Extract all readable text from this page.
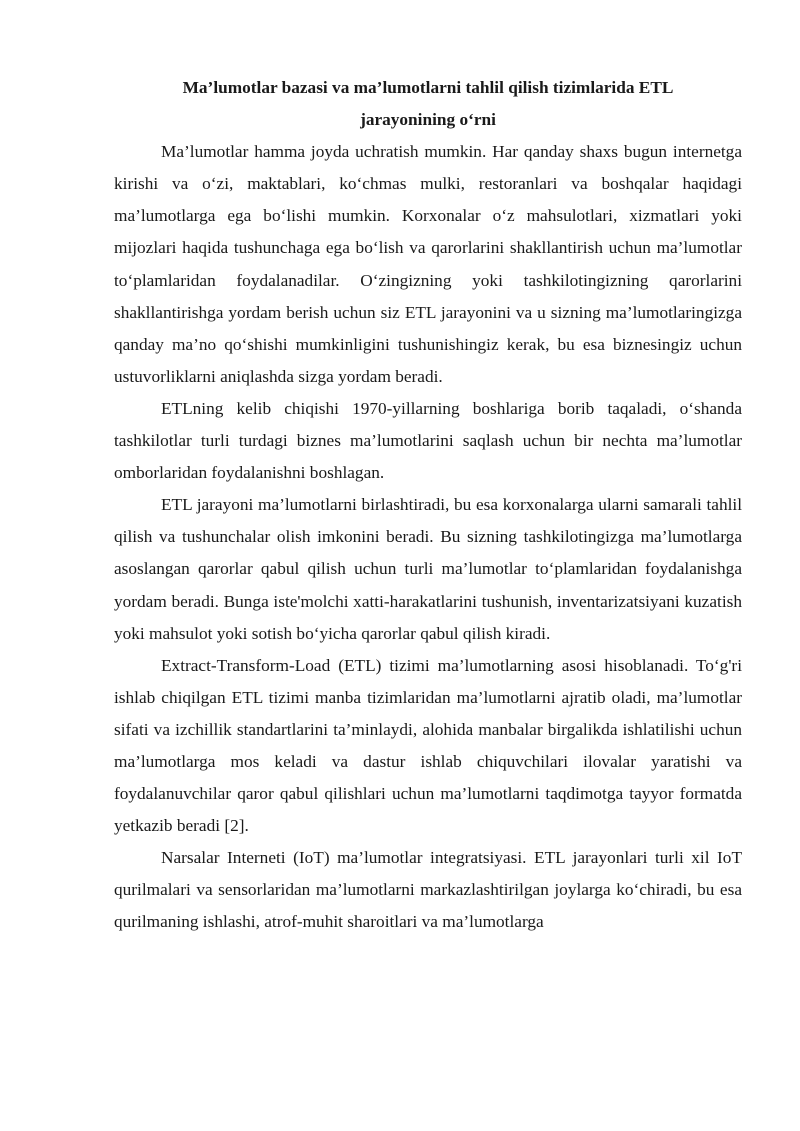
Ma’lumotlar bazasi va ma’lumotlarni tahlil qilish tizimlarida ETL
jarayonining o‘rni

Ma’lumotlar hamma joyda uchratish mumkin. Har qanday shaxs bugun internetga kirishi va o‘zi, maktablari, ko‘chmas mulki, restoranlari va boshqalar haqidagi ma’lumotlarga ega bo‘lishi mumkin. Korxonalar o‘z mahsulotlari, xizmatlari yoki mijozlari haqida tushunchaga ega bo‘lish va qarorlarini shakllantirish uchun ma’lumotlar to‘plamlaridan foydalanadilar. O‘zingizning yoki tashkilotingizning qarorlarini shakllantirishga yordam berish uchun siz ETL jarayonini va u sizning ma’lumotlaringizga qanday ma’no qo‘shishi mumkinligini tushunishingiz kerak, bu esa biznesingiz uchun ustuvorliklarni aniqlashda sizga yordam beradi.

ETLning kelib chiqishi 1970-yillarning boshlariga borib taqaladi, o‘shanda tashkilotlar turli turdagi biznes ma’lumotlarini saqlash uchun bir nechta ma’lumotlar omborlaridan foydalanishni boshlagan.

ETL jarayoni ma’lumotlarni birlashtiradi, bu esa korxonalarga ularni samarali tahlil qilish va tushunchalar olish imkonini beradi. Bu sizning tashkilotingizga ma’lumotlarga asoslangan qarorlar qabul qilish uchun turli ma’lumotlar to‘plamlaridan foydalanishga yordam beradi. Bunga iste'molchi xatti-harakatlarini tushunish, inventarizatsiyani kuzatish yoki mahsulot yoki sotish bo‘yicha qarorlar qabul qilish kiradi.

Extract-Transform-Load (ETL) tizimi ma’lumotlarning asosi hisoblanadi. To‘g'ri ishlab chiqilgan ETL tizimi manba tizimlaridan ma’lumotlarni ajratib oladi, ma’lumotlar sifati va izchillik standartlarini ta’minlaydi, alohida manbalar birgalikda ishlatilishi uchun ma’lumotlarga mos keladi va dastur ishlab chiquvchilari ilovalar yaratishi va foydalanuvchilar qaror qabul qilishlari uchun ma’lumotlarni taqdimotga tayyor formatda yetkazib beradi [2].

Narsalar Interneti (IoT) ma’lumotlar integratsiyasi. ETL jarayonlari turli xil IoT qurilmalari va sensorlaridan ma’lumotlarni markazlashtirilgan joylarga ko‘chiradi, bu esa qurilmaning ishlashi, atrof-muhit sharoitlari va ma’lumotlarga
